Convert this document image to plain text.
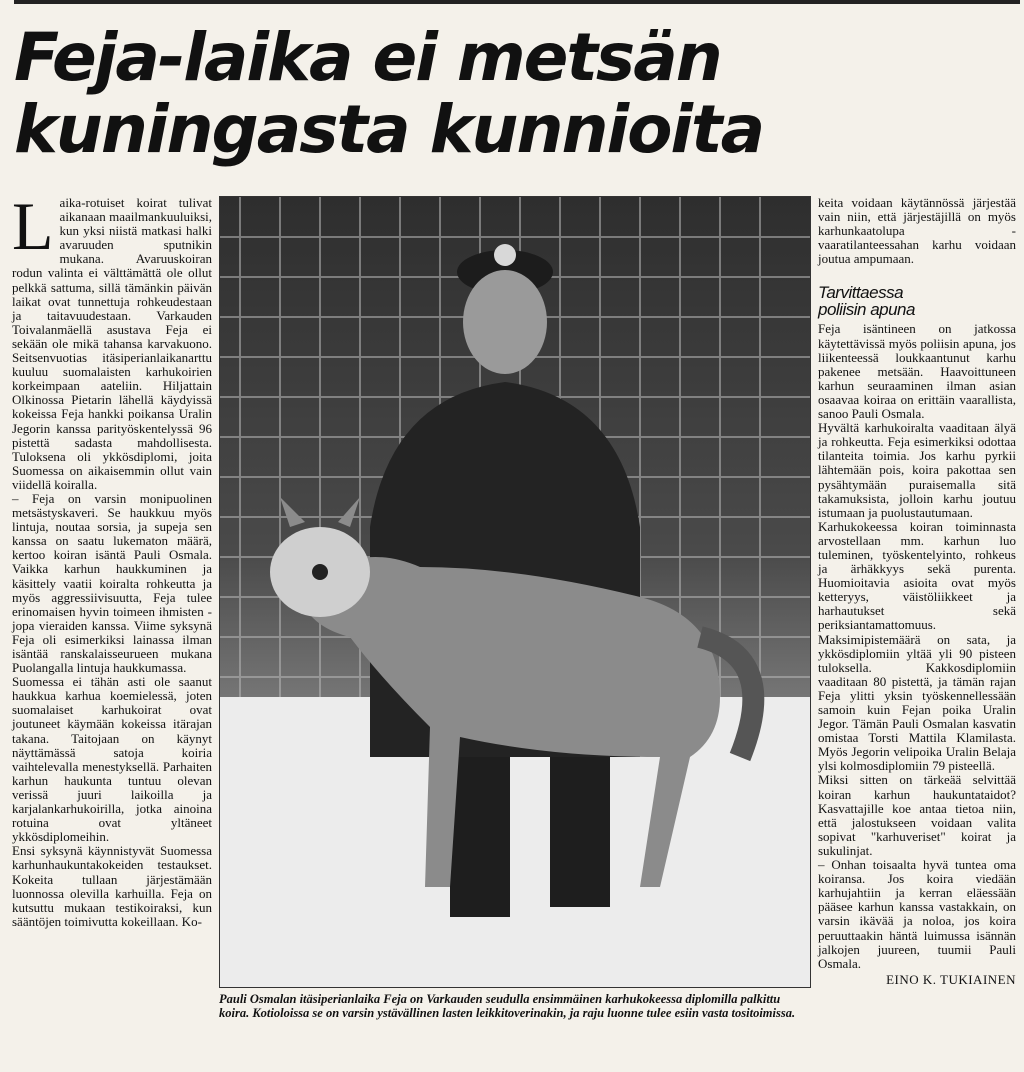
Feja-laika ei metsän
kuningasta kunnioita

Laika-rotuiset koirat tulivat aikanaan maailmankuuluiksi, kun yksi niistä matkasi halki avaruuden sputnikin mukana. Avaruuskoiran rodun valinta ei välttämättä ole ollut pelkkä sattuma, sillä tämänkin päivän laikat ovat tunnettuja rohkeudestaan ja taitavuudestaan. Varkauden Toivalanmäellä asustava Feja ei sekään ole mikä tahansa karvakuono. Seitsenvuotias itäsiperianlaikanarttu kuuluu suomalaisten karhukoirien korkeimpaan aateliin. Hiljattain Olkinossa Pietarin lähellä käydyissä kokeissa Feja hankki poikansa Uralin Jegorin kanssa parityöskentelyssä 96 pistettä sadasta mahdollisesta. Tuloksena oli ykkösdiplomi, joita Suomessa on aikaisemmin ollut vain viidellä koiralla.

– Feja on varsin monipuolinen metsästyskaveri. Se haukkuu myös lintuja, noutaa sorsia, ja supeja sen kanssa on saatu lukematon määrä, kertoo koiran isäntä Pauli Osmala. Vaikka karhun haukkuminen ja käsittely vaatii koiralta rohkeutta ja myös aggressiivisuutta, Feja tulee erinomaisen hyvin toimeen ihmisten - jopa vieraiden kanssa. Viime syksynä Feja oli esimerkiksi lainassa ilman isäntää ranskalaisseurueen mukana Puolangalla lintuja haukkumassa.

Suomessa ei tähän asti ole saanut haukkua karhua koemielessä, joten suomalaiset karhukoirat ovat joutuneet käymään kokeissa itärajan takana. Taitojaan on käynyt näyttämässä satoja koiria vaihtelevalla menestyksellä. Parhaiten karhun haukunta tuntuu olevan verissä juuri laikoilla ja karjalankarhukoirilla, jotka ainoina rotuina ovat yltäneet ykkösdiplomeihin.

Ensi syksynä käynnistyvät Suomessa karhunhaukuntakokeiden testaukset. Kokeita tullaan järjestämään luonnossa olevilla karhuilla. Feja on kutsuttu mukaan testikoiraksi, kun sääntöjen toimivutta kokeillaan. Ko-

Pauli Osmalan itäsiperianlaika Feja on Varkauden seudulla ensimmäinen karhukokeessa diplomilla palkittu koira. Kotioloissa se on varsin ystävällinen lasten leikkitoverinakin, ja raju luonne tulee esiin vasta tositoimissa.

keita voidaan käytännössä järjestää vain niin, että järjestäjillä on myös karhunkaatolupa - vaaratilanteessahan karhu voidaan joutua ampumaan.

Tarvittaessa
poliisin apuna

Feja isäntineen on jatkossa käytettävissä myös poliisin apuna, jos liikenteessä loukkaantunut karhu pakenee metsään. Haavoittuneen karhun seuraaminen ilman asian osaavaa koiraa on erittäin vaarallista, sanoo Pauli Osmala.

Hyvältä karhukoiralta vaaditaan älyä ja rohkeutta. Feja esimerkiksi odottaa tilanteita toimia. Jos karhu pyrkii lähtemään pois, koira pakottaa sen pysähtymään puraisemalla sitä takamuksista, jolloin karhu joutuu istumaan ja puolustautumaan.

Karhukokeessa koiran toiminnasta arvostellaan mm. karhun luo tuleminen, työskentelyinto, rohkeus ja ärhäkkyys sekä purenta. Huomioitavia asioita ovat myös ketteryys, väistöliikkeet ja harhautukset sekä periksiantamattomuus. Maksimipistemäärä on sata, ja ykkösdiplomiin yltää yli 90 pisteen tuloksella. Kakkosdiplomiin vaaditaan 80 pistettä, ja tämän rajan Feja ylitti yksin työskennellessään samoin kuin Fejan poika Uralin Jegor. Tämän Pauli Osmalan kasvatin omistaa Torsti Mattila Klamilasta. Myös Jegorin velipoika Uralin Belaja ylsi kolmosdiplomiin 79 pisteellä.

Miksi sitten on tärkeää selvittää koiran karhun haukuntataidot? Kasvattajille koe antaa tietoa niin, että jalostukseen voidaan valita sopivat "karhuveriset" koirat ja sukulinjat.

– Onhan toisaalta hyvä tuntea oma koiransa. Jos koira viedään karhujahtiin ja kerran eläessään pääsee karhun kanssa vastakkain, on varsin ikävää ja noloa, jos koira peruuttaakin häntä luimussa isännän jalkojen juureen, tuumii Pauli Osmala.

EINO K. TUKIAINEN
